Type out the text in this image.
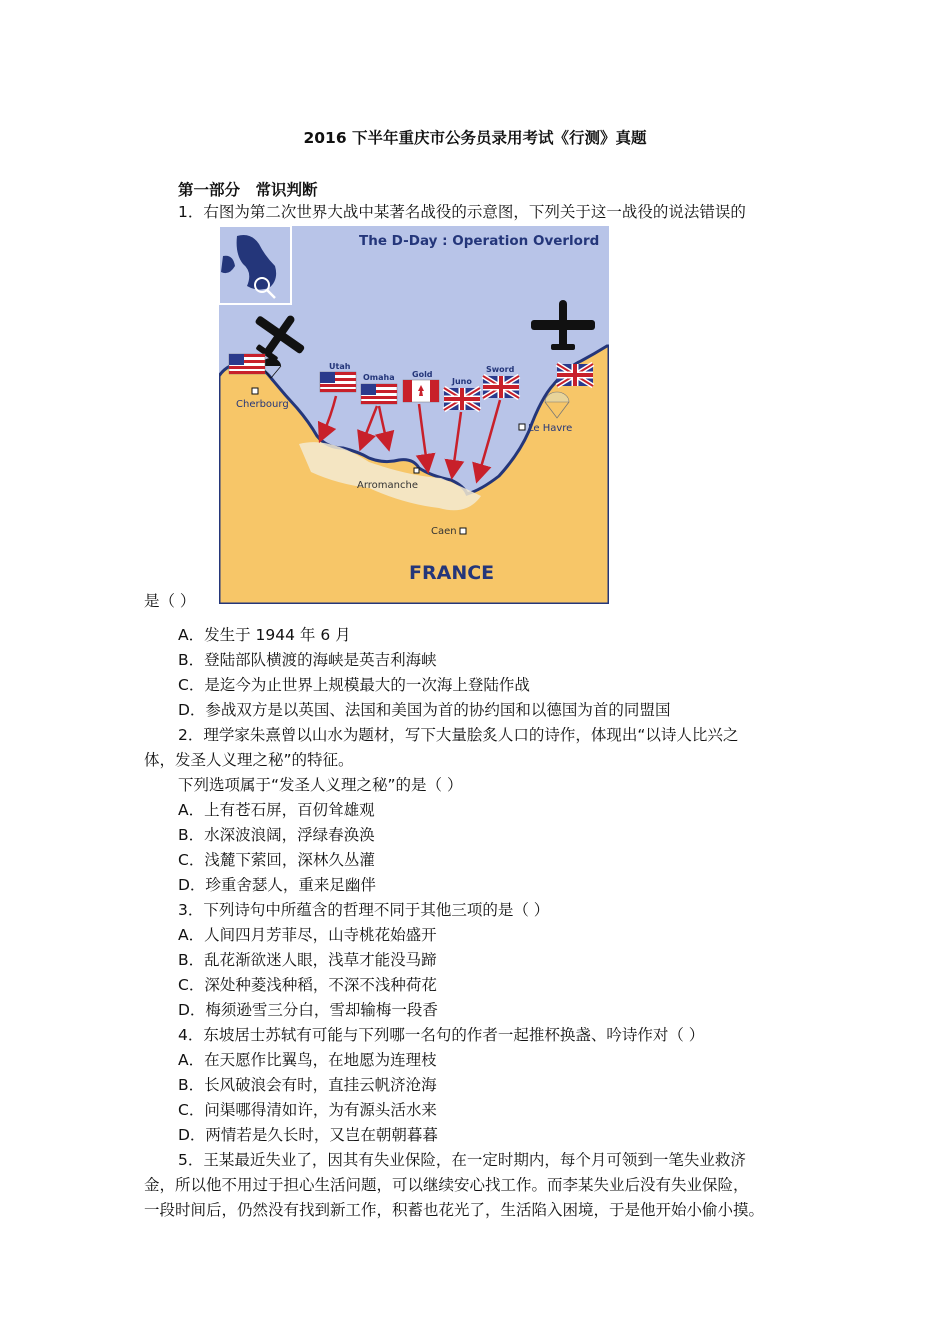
2016 下半年重庆市公务员录用考试《行测》真题
第一部分　常识判断
1．右图为第二次世界大战中某著名战役的示意图，下列关于这一战役的说法错误的
The D-Day : Operation Overlord
Utah
Omaha Gold
Juno
Sword
Cherbourg
Le Havre
Arromanche
Caen
FRANCE
是（ ）
A．发生于 1944 年 6 月
B．登陆部队横渡的海峡是英吉利海峡
C．是迄今为止世界上规模最大的一次海上登陆作战
D．参战双方是以英国、法国和美国为首的协约国和以德国为首的同盟国
2．理学家朱熹曾以山水为题材，写下大量脍炙人口的诗作，体现出“以诗人比兴之
体，发圣人义理之秘”的特征。
下列选项属于“发圣人义理之秘”的是（ ）
A．上有苍石屏，百仞耸雄观
B．水深波浪阔，浮绿春涣涣
C．浅麓下萦回，深林久丛灌
D．珍重舍瑟人，重来足幽伴
3．下列诗句中所蕴含的哲理不同于其他三项的是（ ）
A．人间四月芳菲尽，山寺桃花始盛开
B．乱花渐欲迷人眼，浅草才能没马蹄
C．深处种菱浅种稻，不深不浅种荷花
D．梅须逊雪三分白，雪却输梅一段香
4．东坡居士苏轼有可能与下列哪一名句的作者一起推杯换盏、吟诗作对（ ）
A．在天愿作比翼鸟，在地愿为连理枝
B．长风破浪会有时，直挂云帆济沧海
C．问渠哪得清如许，为有源头活水来
D．两情若是久长时，又岂在朝朝暮暮
5．王某最近失业了，因其有失业保险，在一定时期内，每个月可领到一笔失业救济
金，所以他不用过于担心生活问题，可以继续安心找工作。而李某失业后没有失业保险，
一段时间后，仍然没有找到新工作，积蓄也花光了，生活陷入困境，于是他开始小偷小摸。
